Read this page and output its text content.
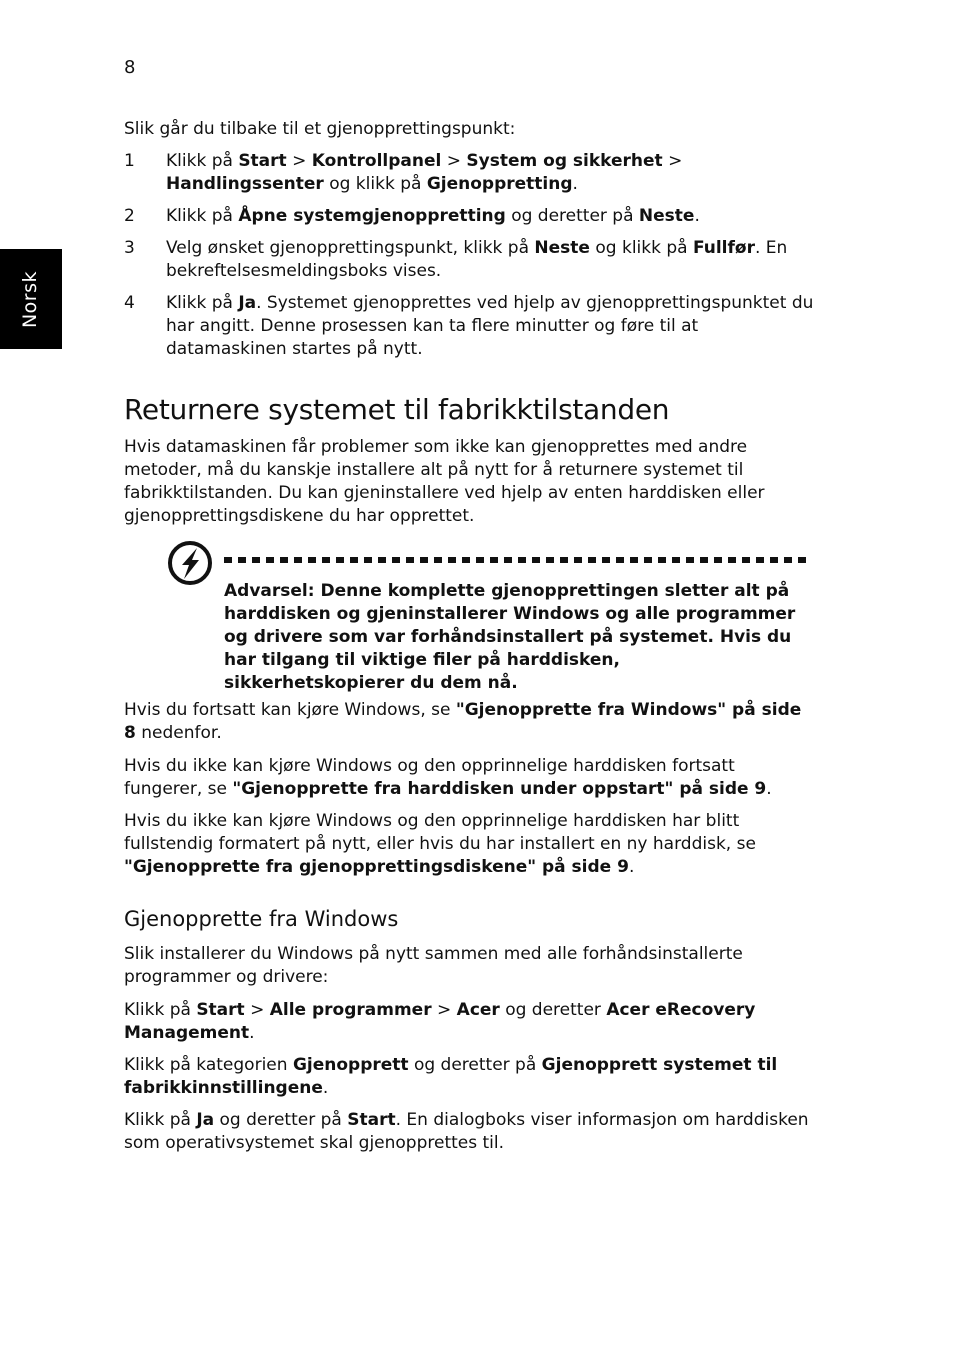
8
Norsk

Slik går du tilbake til et gjenopprettingspunkt:

1 Klikk på Start > Kontrollpanel > System og sikkerhet > Handlingssenter og klikk på Gjenoppretting.
2 Klikk på Åpne systemgjenoppretting og deretter på Neste.
3 Velg ønsket gjenopprettingspunkt, klikk på Neste og klikk på Fullfør. En bekreftelsesmeldingsboks vises.
4 Klikk på Ja. Systemet gjenopprettes ved hjelp av gjenopprettingspunktet du har angitt. Denne prosessen kan ta flere minutter og føre til at datamaskinen startes på nytt.
Returnere systemet til fabrikktilstanden

Hvis datamaskinen får problemer som ikke kan gjenopprettes med andre metoder, må du kanskje installere alt på nytt for å returnere systemet til fabrikktilstanden. Du kan gjeninstallere ved hjelp av enten harddisken eller gjenopprettingsdiskene du har opprettet.

Advarsel: Denne komplette gjenopprettingen sletter alt på harddisken og gjeninstallerer Windows og alle programmer og drivere som var forhåndsinstallert på systemet. Hvis du har tilgang til viktige filer på harddisken, sikkerhetskopierer du dem nå.

Hvis du fortsatt kan kjøre Windows, se "Gjenopprette fra Windows" på side 8 nedenfor.

Hvis du ikke kan kjøre Windows og den opprinnelige harddisken fortsatt fungerer, se "Gjenopprette fra harddisken under oppstart" på side 9.

Hvis du ikke kan kjøre Windows og den opprinnelige harddisken har blitt fullstendig formatert på nytt, eller hvis du har installert en ny harddisk, se "Gjenopprette fra gjenopprettingsdiskene" på side 9.

Gjenopprette fra Windows

Slik installerer du Windows på nytt sammen med alle forhåndsinstallerte programmer og drivere:

Klikk på Start > Alle programmer > Acer og deretter Acer eRecovery Management.

Klikk på kategorien Gjenopprett og deretter på Gjenopprett systemet til fabrikkinnstillingene.

Klikk på Ja og deretter på Start. En dialogboks viser informasjon om harddisken som operativsystemet skal gjenopprettes til.
